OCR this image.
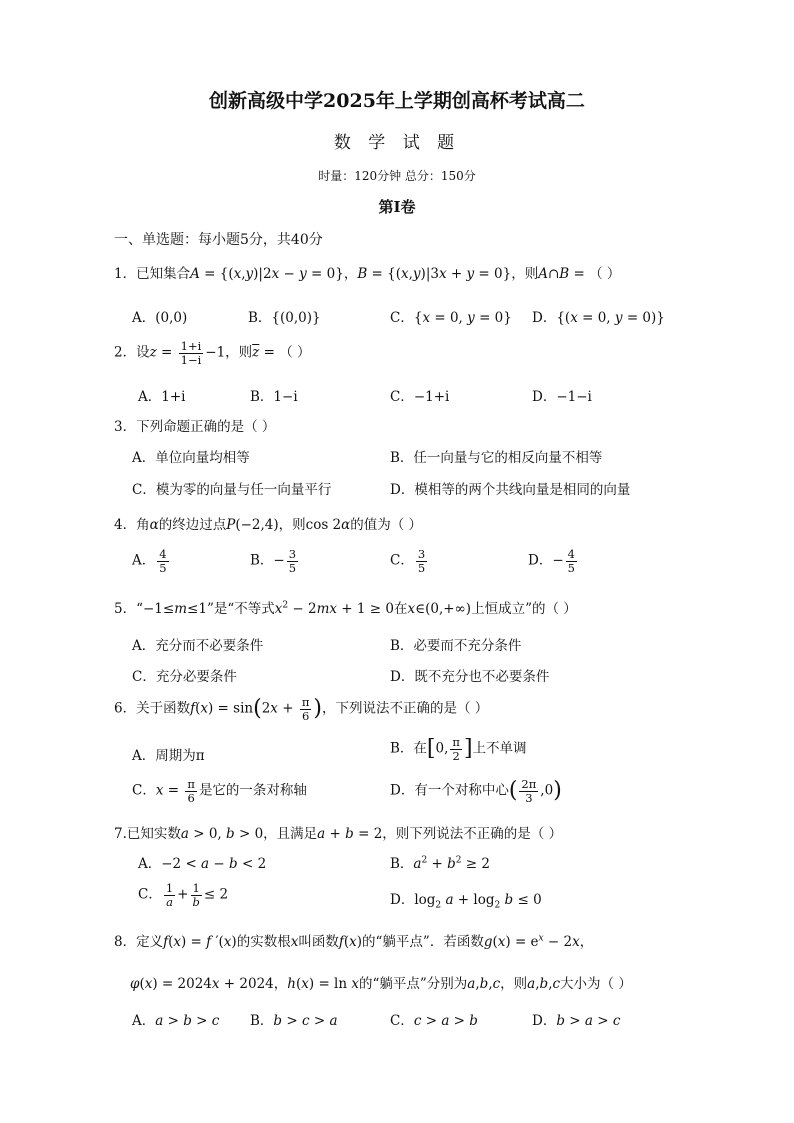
创新高级中学2025年上学期创高杯考试高二
数 学 试 题
时量：120分钟 总分：150分
第Ⅰ卷
一、单选题：每小题5分，共40分
1．已知集合A = {(x,y)|2x − y = 0}，B = {(x,y)|3x + y = 0}，则A∩B = （ ）
A．(0,0)	B．{(0,0)}	C．{x = 0, y = 0} D．{(x = 0, y = 0)}
2．设$z = \frac{1+i}{1-i} -1$，则$\overline{z}$ = （ ）
A．1+i	B．1−i	C．−1+i	D．−1−i
3．下列命题正确的是（ ）
A．单位向量均相等	B．任一向量与它的相反向量不相等
C．模为零的向量与任一向量平行	D．模相等的两个共线向量是相同的向量
4．角α的终边过点P(−2,4)，则cos 2α的值为（ ）
A． $\frac{4}{5}$	B．− $\frac{3}{5}$	C． $\frac{3}{5}$	D．− $\frac{4}{5}$
5．“−1≤m≤1”是“不等式$x^2 - 2mx + 1 \ge 0$在x∈(0,+∞)上恒成立”的（ ）
A．充分而不必要条件	B．必要而不充分条件
C．充分必要条件	D．既不充分也不必要条件
6．关于函数$f(x) = \sin(2x + \frac{\pi}{6}$ )，下列说法不正确的是（ ）
A．周期为π	B．在[0, $\frac{\pi}{2}$ ]上不单调
C．$x = \frac{\pi}{6}$ 是它的一条对称轴	D．有一个对称中心( $\frac{2\pi}{3} ,0$)
7.已知实数a > 0, b > 0，且满足a + b = 2，则下列说法不正确的是（ ）
A．−2 < a − b < 2	B．$a^2 + b^2 \ge 2$
C． $\frac{1}{a} + \frac{1}{b} \le 2$	D．$\log_2 a + \log_2 b \le 0$
8．定义f(x) = f ′(x)的实数根x叫函数f(x)的“躺平点”．若函数$g(x) = e^x - 2x$，
φ(x) = 2024x + 2024，h(x) = ln x的“躺平点”分别为a,b,c，则a,b,c大小为（ ）
A．a > b > c B．b > c > a	C．c > a > b	D．b > a > c
